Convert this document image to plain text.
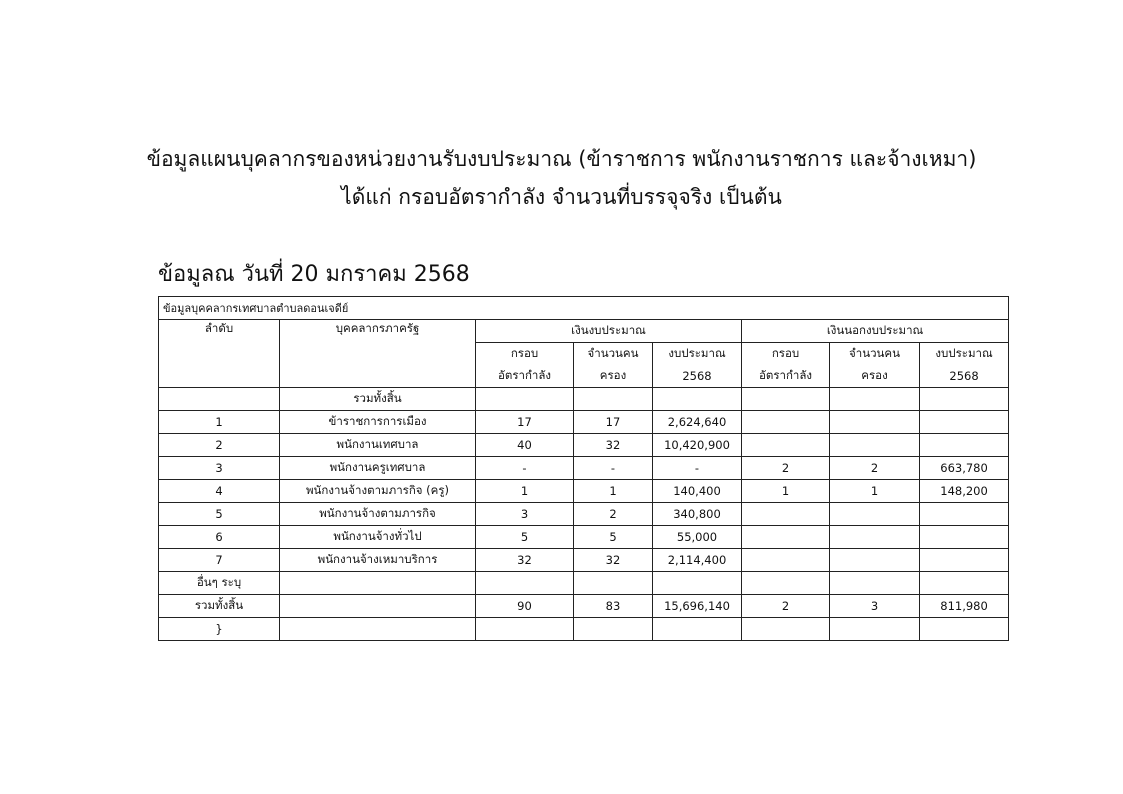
ข้อมูลแผนบุคลากรของหน่วยงานรับงบประมาณ (ข้าราชการ พนักงานราชการ และจ้างเหมา)
ได้แก่ กรอบอัตรากำลัง จำนวนที่บรรจุจริง เป็นต้น
ข้อมูลณ วันที่ 20 มกราคม 2568
ข้อมูลบุคคลากรเทศบาลตำบลดอนเจดีย์							
ลำดับ	บุคคลากรภาครัฐ	เงินงบประมาณ			เงินนอกงบประมาณ		
		กรอบ	จำนวนคน	งบประมาณ	กรอบ	จำนวนคน	งบประมาณ
		อัตรากำลัง	ครอง	2568	อัตรากำลัง	ครอง	2568
	รวมทั้งสิ้น						
1	ข้าราชการการเมือง	17	17	2,624,640			
2	พนักงานเทศบาล	40	32	10,420,900			
3	พนักงานครูเทศบาล	-	-	-	2	2	663,780
4	พนักงานจ้างตามภารกิจ (ครู)	1	1	140,400	1	1	148,200
5	พนักงานจ้างตามภารกิจ	3	2	340,800			
6	พนักงานจ้างทั่วไป	5	5	55,000			
7	พนักงานจ้างเหมาบริการ	32	32	2,114,400			
อื่นๆ ระบุ							
รวมทั้งสิ้น		90	83	15,696,140	2	3	811,980
}							
